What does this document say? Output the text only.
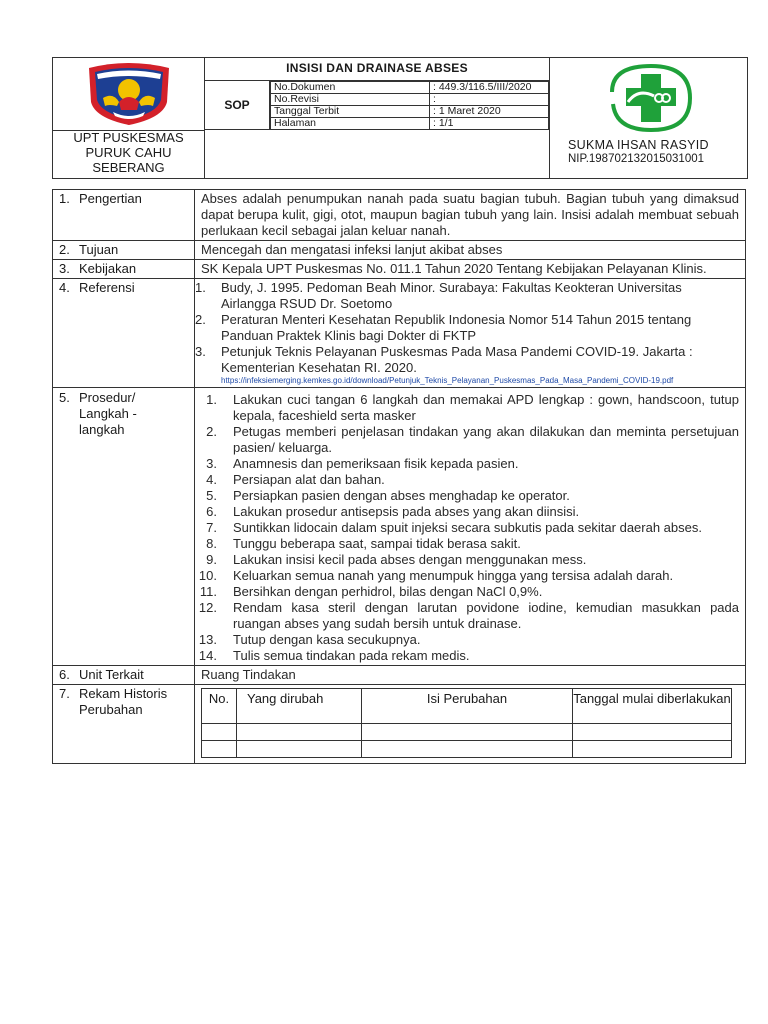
UPT PUSKESMAS
PURUK CAHU
SEBERANG
INSISI DAN DRAINASE ABSES
SOP
No.Dokumen	: 449.3/116.5/III/2020
No.Revisi	:
Tanggal Terbit	: 1 Maret 2020
Halaman	: 1/1
SUKMA IHSAN RASYID
NIP.198702132015031001
1. Pengertian	Abses adalah penumpukan nanah pada suatu bagian tubuh. Bagian tubuh yang dimaksud dapat berupa kulit, gigi, otot, maupun bagian tubuh yang lain. Insisi adalah membuat sebuah perlukaan kecil sebagai jalan keluar nanah.
2. Tujuan	Mencegah dan mengatasi infeksi lanjut akibat abses
3. Kebijakan	SK Kepala UPT Puskesmas No. 011.1 Tahun 2020 Tentang Kebijakan Pelayanan Klinis.
4. Referensi	1. Budy, J. 1995. Pedoman Beah Minor. Surabaya: Fakultas Keokteran Universitas Airlangga RSUD Dr. Soetomo
2. Peraturan Menteri Kesehatan Republik Indonesia Nomor 514 Tahun 2015 tentang Panduan Praktek Klinis bagi Dokter di FKTP
3. Petunjuk Teknis Pelayanan Puskesmas Pada Masa Pandemi COVID-19. Jakarta : Kementerian Kesehatan RI. 2020.
https://infeksiemerging.kemkes.go.id/download/Petunjuk_Teknis_Pelayanan_Puskesmas_Pada_Masa_Pandemi_COVID-19.pdf

5. Prosedur/
Langkah -
langkah

1. Lakukan cuci tangan 6 langkah dan memakai APD lengkap : gown, handscoon, tutup kepala, faceshield serta masker
2. Petugas memberi penjelasan tindakan yang akan dilakukan dan meminta persetujuan pasien/ keluarga.
3. Anamnesis dan pemeriksaan fisik kepada pasien.
4. Persiapan alat dan bahan.
5. Persiapkan pasien dengan abses menghadap ke operator.
6. Lakukan prosedur antisepsis pada abses yang akan diinsisi.
7. Suntikkan lidocain dalam spuit injeksi secara subkutis pada sekitar daerah abses.
8. Tunggu beberapa saat, sampai tidak berasa sakit.
9. Lakukan insisi kecil pada abses dengan menggunakan mess.
10. Keluarkan semua nanah yang menumpuk hingga yang tersisa adalah darah.
11. Bersihkan dengan perhidrol, bilas dengan NaCl 0,9%.
12. Rendam kasa steril dengan larutan povidone iodine, kemudian masukkan pada ruangan abses yang sudah bersih untuk drainase.
13. Tutup dengan kasa secukupnya.
14. Tulis semua tindakan pada rekam medis.

6. Unit Terkait	Ruang Tindakan
7. Rekam Historis
Perubahan

No.	Yang dirubah	Isi Perubahan	Tanggal mulai diberlakukan
